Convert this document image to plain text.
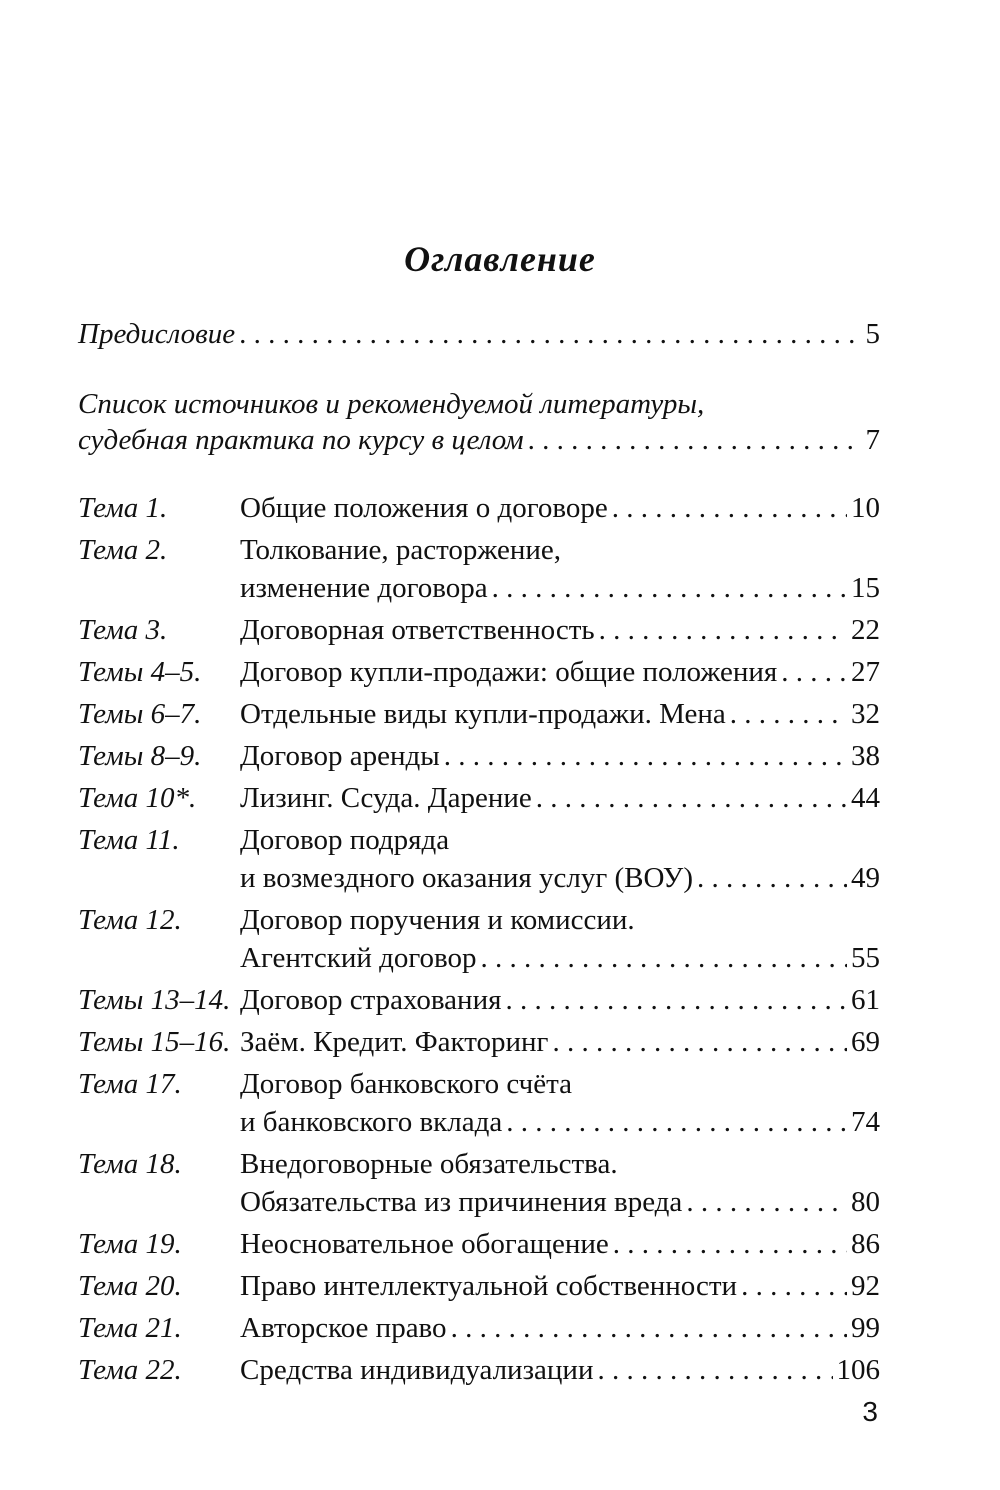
Оглавление
Предисловие . . .	5
Список источников и рекомендуемой литературы,
судебная практика по курсу в целом . . .	7
Тема 1.	Общие положения о договоре . . .	10
Тема 2.	Толкование, расторжение,
изменение договора . . .	15
Тема 3.	Договорная ответственность . . .	22
Темы 4–5.	Договор купли-продажи: общие положения . . .	27
Темы 6–7.	Отдельные виды купли-продажи. Мена . . .	32
Темы 8–9.	Договор аренды . . .	38
Тема 10*.	Лизинг. Ссуда. Дарение . . .	44
Тема 11.	Договор подряда
и возмездного оказания услуг (ВОУ) . . .	49
Тема 12.	Договор поручения и комиссии.
Агентский договор . . .	55
Темы 13–14. Договор страхования . . .	61
Темы 15–16. Заём. Кредит. Факторинг . . .	69
Тема 17.	Договор банковского счёта
и банковского вклада . . .	74
Тема 18.	Внедоговорные обязательства.
Обязательства из причинения вреда . . .	80
Тема 19.	Неосновательное обогащение . . .	86
Тема 20.	Право интеллектуальной собственности . . .	92
Тема 21.	Авторское право . . .	99
Тема 22.	Средства индивидуализации . . .	106
3
